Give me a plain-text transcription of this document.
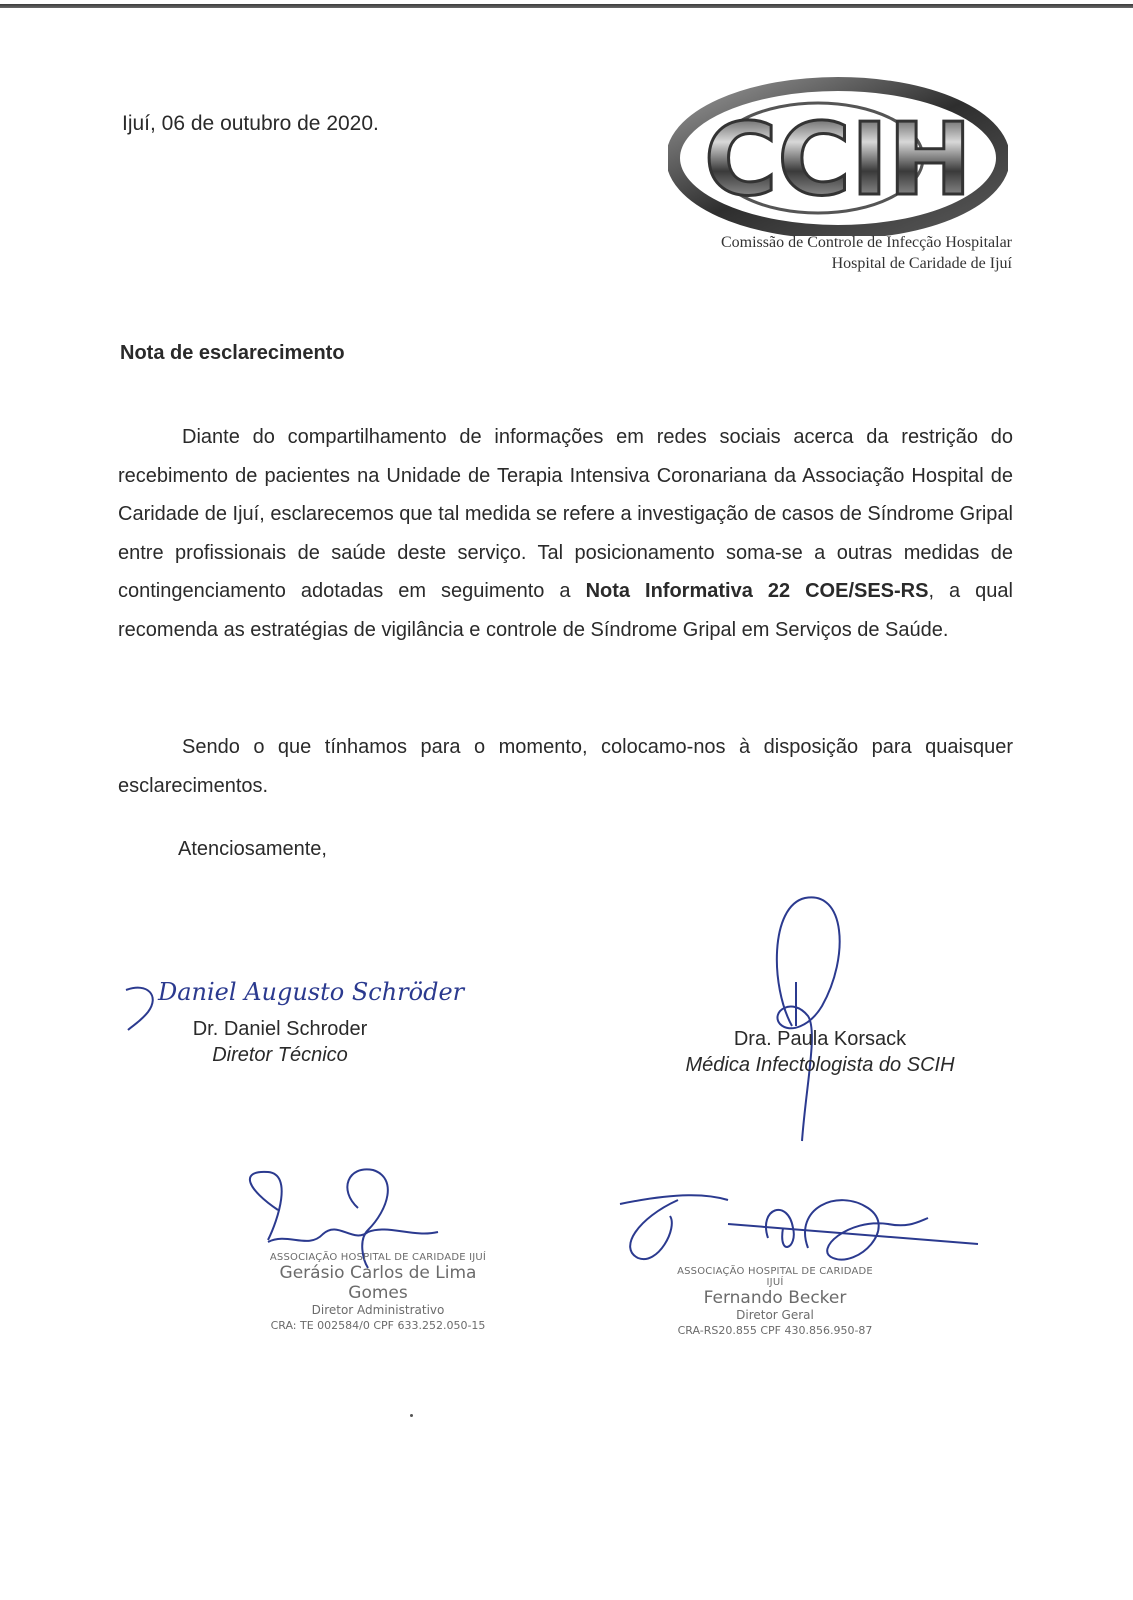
Ijuí, 06 de outubro de 2020.	CCIH
Comissão de Controle de Infecção Hospitalar
Hospital de Caridade de Ijuí
Nota de esclarecimento

Diante do compartilhamento de informações em redes sociais acerca da restrição do recebimento de pacientes na Unidade de Terapia Intensiva Coronariana da Associação Hospital de Caridade de Ijuí, esclarecemos que tal medida se refere a investigação de casos de Síndrome Gripal entre profissionais de saúde deste serviço. Tal posicionamento soma-se a outras medidas de contingenciamento adotadas em seguimento a Nota Informativa 22 COE/SES-RS, a qual recomenda as estratégias de vigilância e controle de Síndrome Gripal em Serviços de Saúde.

Sendo o que tínhamos para o momento, colocamo-nos à disposição para quaisquer esclarecimentos.

Atenciosamente,
Daniel Augusto Schröder
Dr. Daniel Schroder
Diretor Técnico
Dra. Paula Korsack
Médica Infectologista do SCIH
ASSOCIAÇÃO HOSPITAL DE CARIDADE IJUÍ
Gerásio Carlos de Lima Gomes
Diretor Administrativo
CRA: TE 002584/0 CPF 633.252.050-15
ASSOCIAÇÃO HOSPITAL DE CARIDADE IJUÍ
Fernando Becker
Diretor Geral
CRA-RS20.855 CPF 430.856.950-87
